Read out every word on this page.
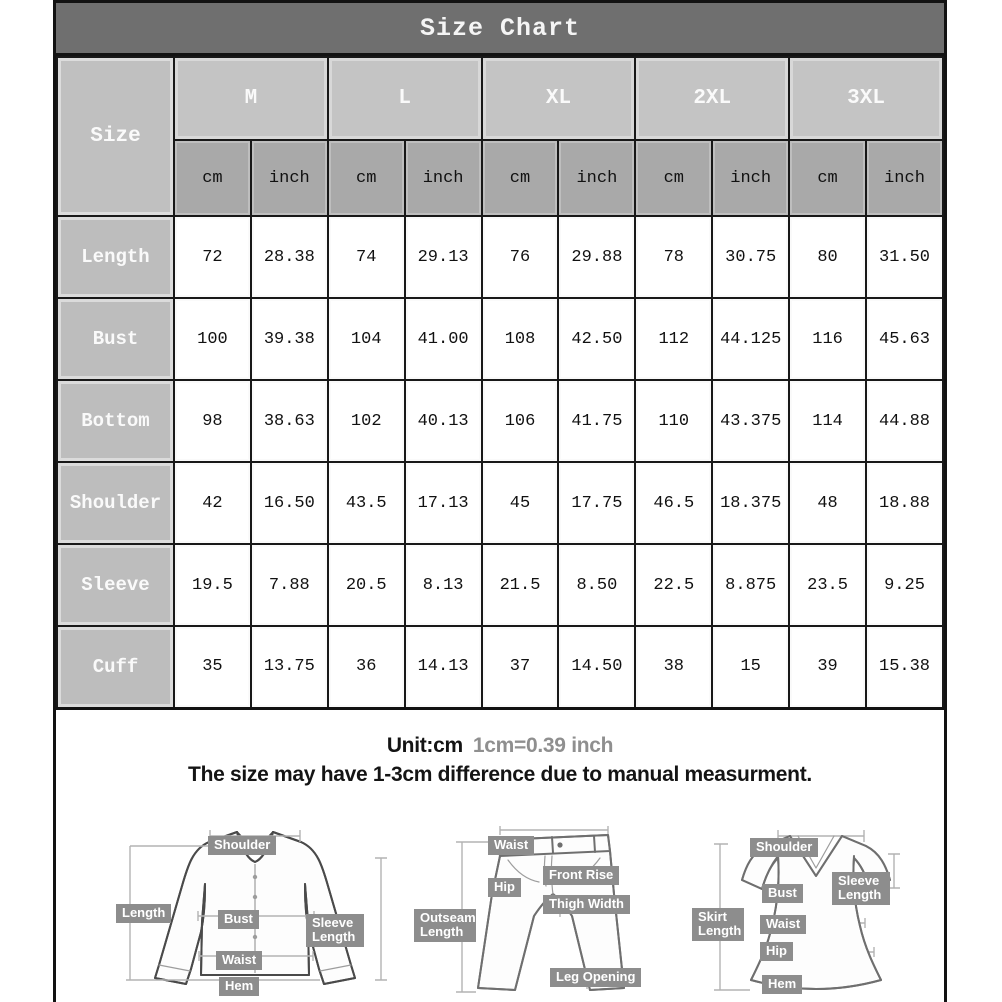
Size Chart
Size	M		L		XL		2XL		3XL	
	cm	inch	cm	inch	cm	inch	cm	inch	cm	inch
Length	72	28.38	74	29.13	76	29.88	78	30.75	80	31.50
Bust	100	39.38	104	41.00	108	42.50	112	44.125	116	45.63
Bottom	98	38.63	102	40.13	106	41.75	110	43.375	114	44.88
Shoulder	42	16.50	43.5	17.13	45	17.75	46.5	18.375	48	18.88
Sleeve	19.5	7.88	20.5	8.13	21.5	8.50	22.5	8.875	23.5	9.25
Cuff	35	13.75	36	14.13	37	14.50	38	15	39	15.38
Unit:cm 1cm=0.39 inch
The size may have 1-3cm difference due to manual measurment.
Shoulder
Length	Bust	Sleeve Length
Waist
Hem
Waist
Front Rise
Hip
Thigh Width
Outseam Length
Leg Opening
Shoulder
Sleeve Length
Bust
Skirt Length	Waist
Hip
Hem
